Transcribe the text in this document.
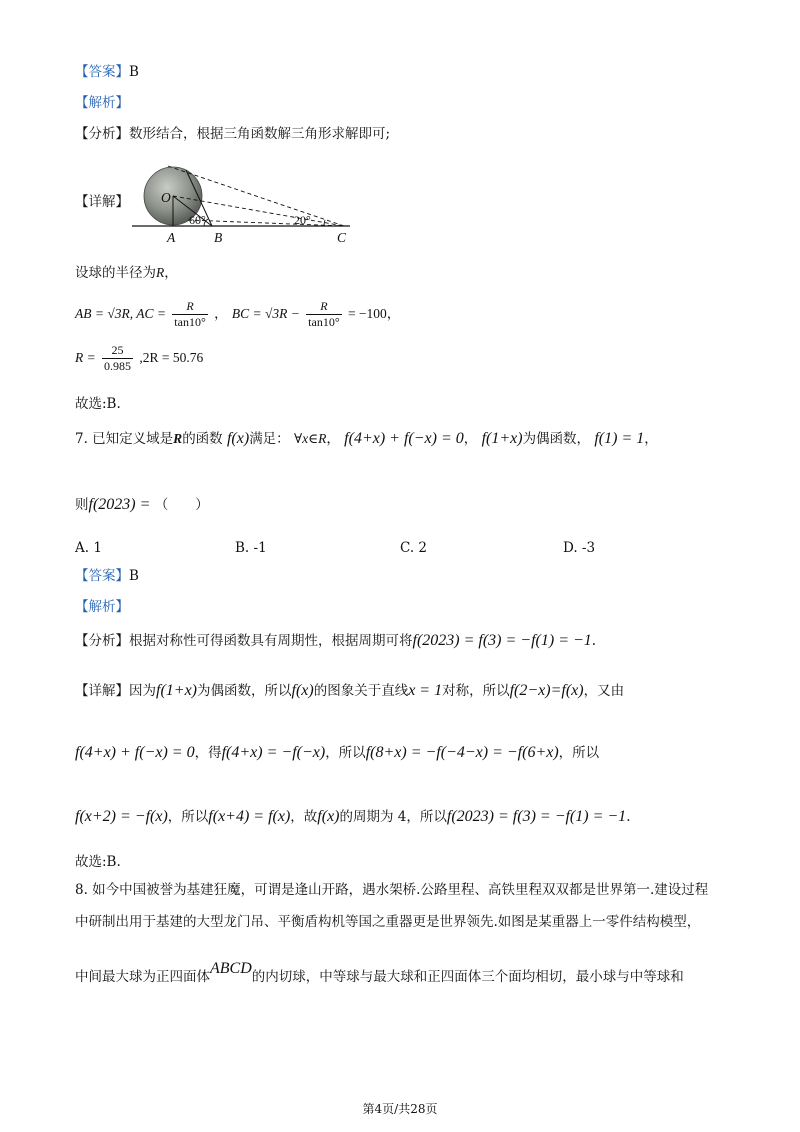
【答案】B
【解析】
【分析】数形结合，根据三角函数解三角形求解即可;
【详解】 O
60°	20°
A	B	C
设球的半径为R，
AB = √3R, AC = $\frac{R}{\tan 10^\circ}$ ， BC = $√3R - \frac{R}{\tan 10^\circ} = -100$，
$R = \frac{25}{0.985} ,2R = 50.76$
故选:B.
7. 已知定义域是R的函数 f(x)满足： ∀x∈R， f(4+x) + f(−x) = 0， f(1+x)为偶函数， f(1) = 1，
则f(2023) = （　　）
A. 1	B. -1	C. 2	D. -3
【答案】B
【解析】
【分析】根据对称性可得函数具有周期性，根据周期可将f(2023) = f(3) = −f(1) = −1.
【详解】因为f(1+x)为偶函数，所以f(x)的图象关于直线x = 1对称，所以f(2−x)=f(x)，又由
f(4+x) + f(−x) = 0，得f(4+x) = −f(−x)，所以f(8+x) = −f(−4−x) = −f(6+x)，所以
f(x+2) = −f(x)，所以f(x+4) = f(x)，故f(x)的周期为 4，所以f(2023) = f(3) = −f(1) = −1.
故选:B.
8. 如今中国被誉为基建狂魔，可谓是逢山开路，遇水架桥.公路里程、高铁里程双双都是世界第一.建设过程
中研制出用于基建的大型龙门吊、平衡盾构机等国之重器更是世界领先.如图是某重器上一零件结构模型，
中间最大球为正四面体ABCD的内切球，中等球与最大球和正四面体三个面均相切，最小球与中等球和
第4页/共28页
